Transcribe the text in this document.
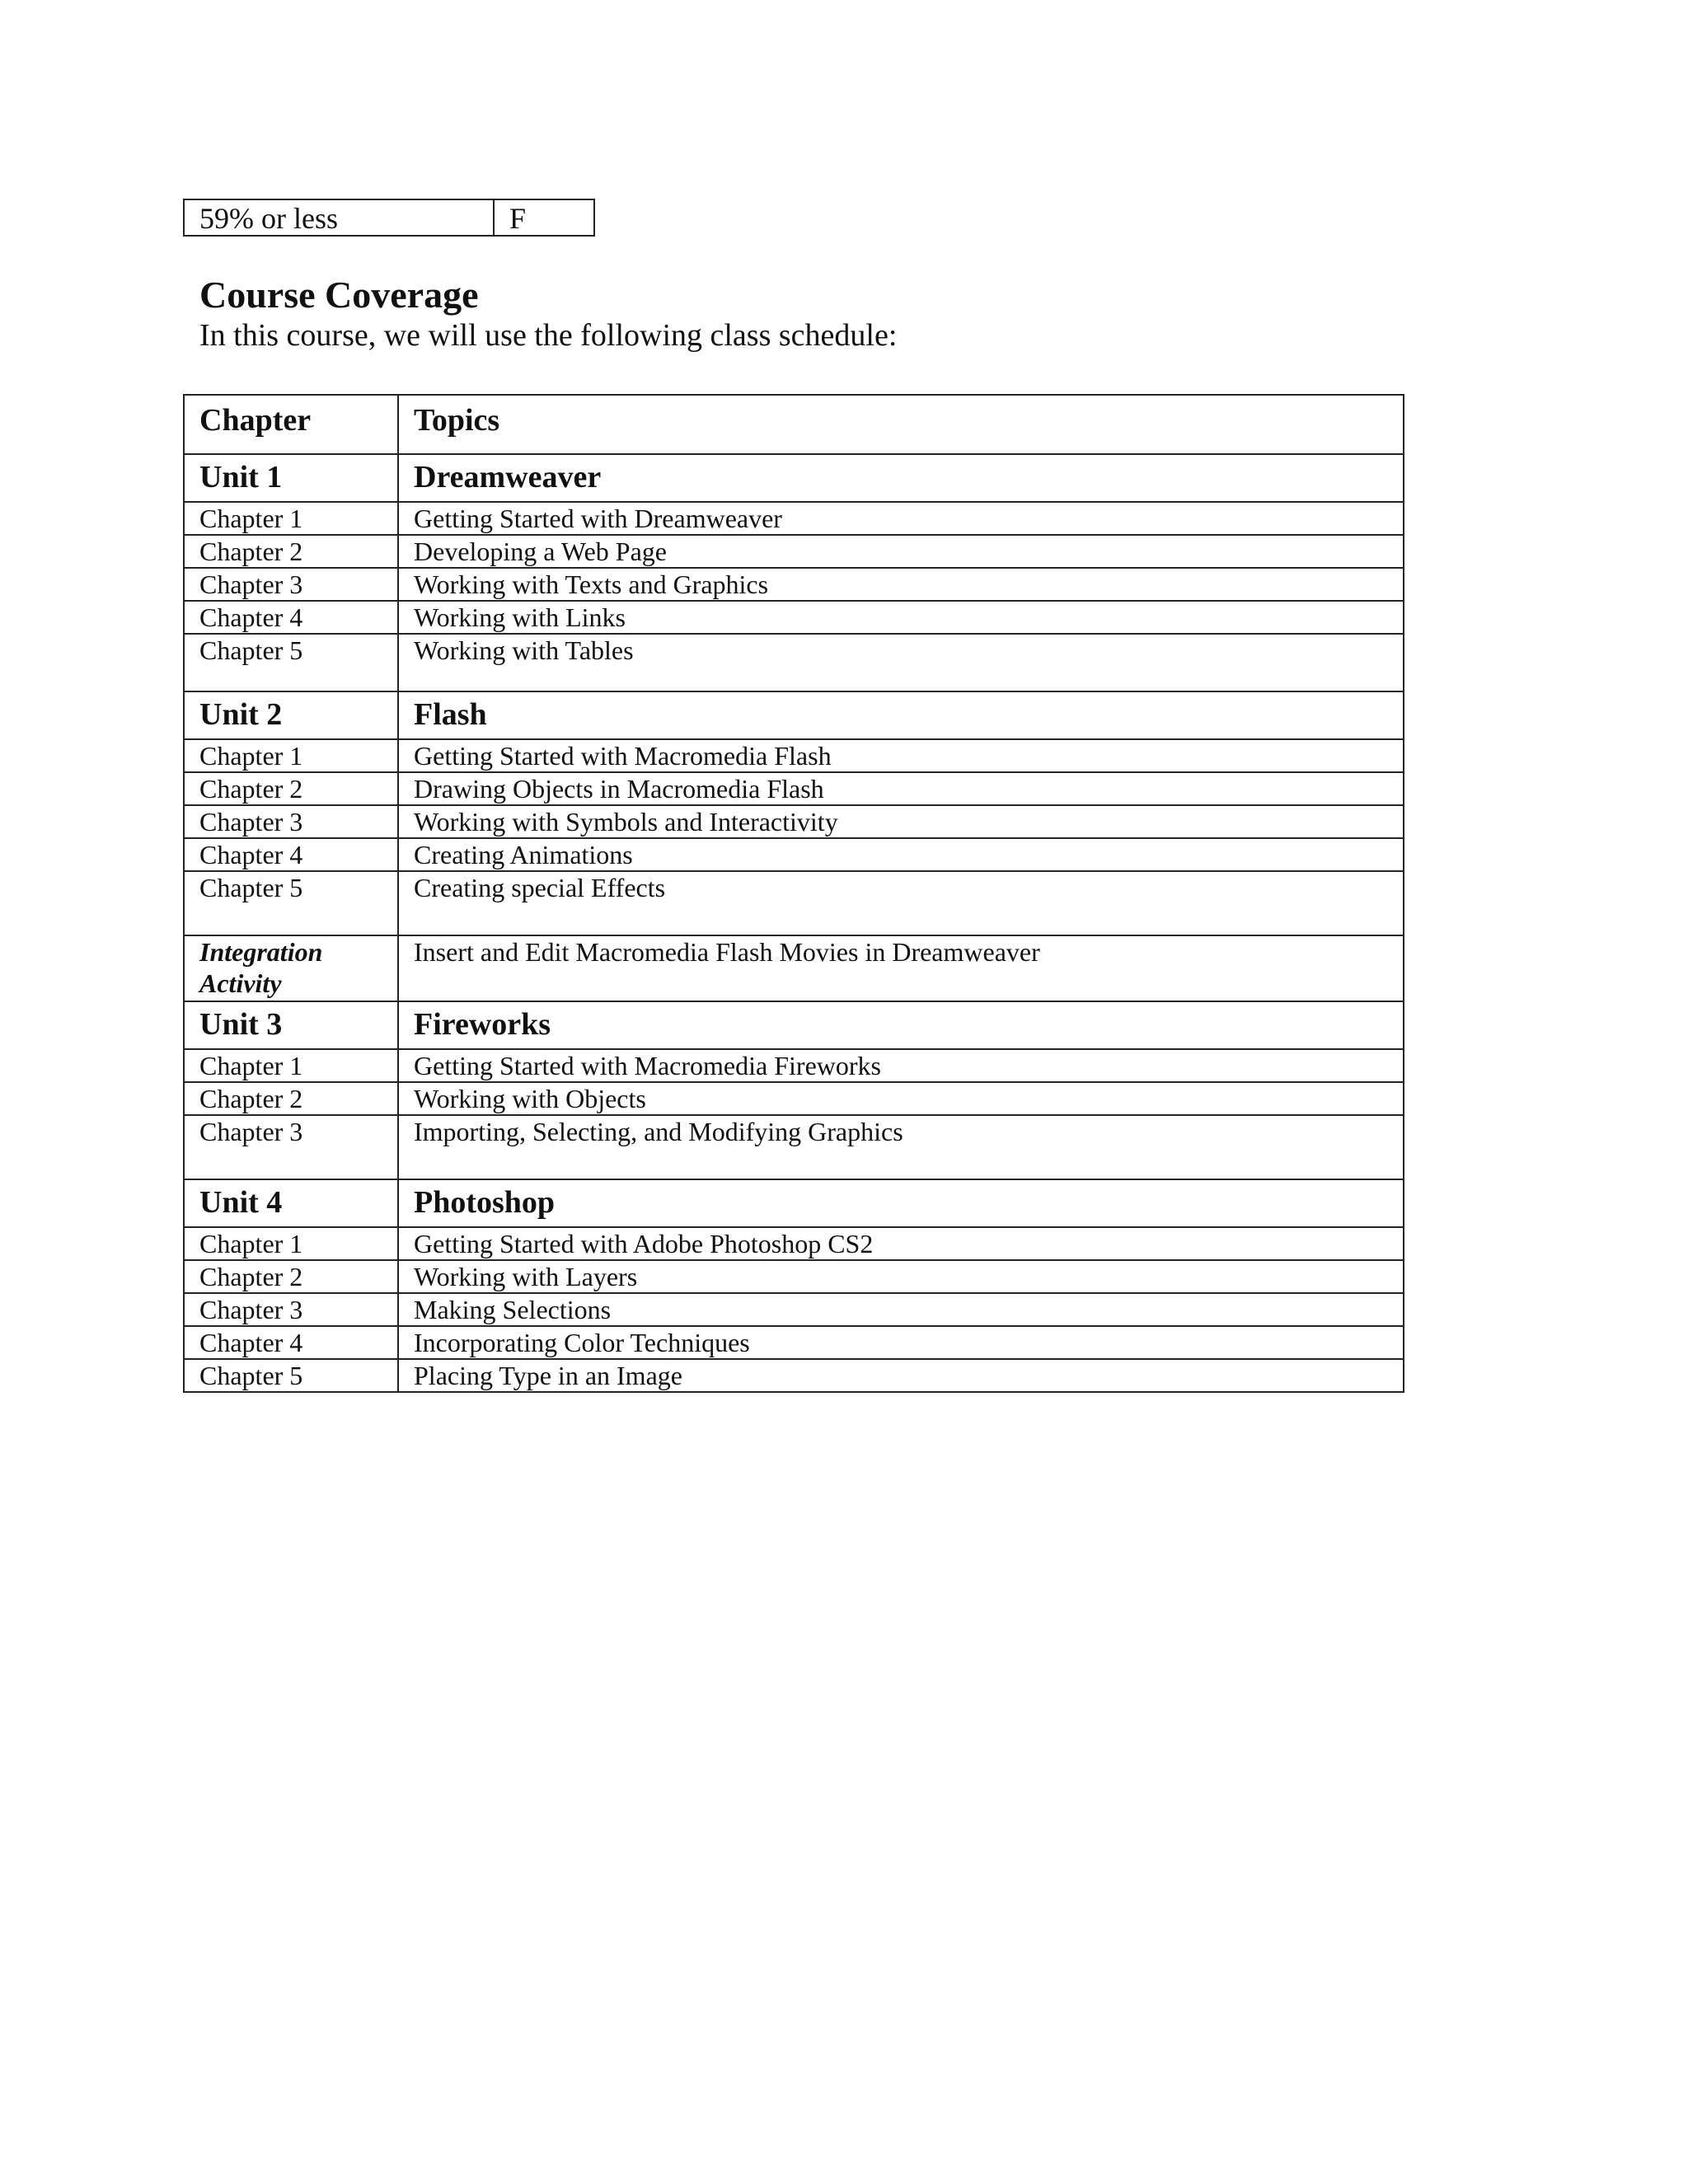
59% or less	F
Course Coverage

In this course, we will use the following class schedule:

Chapter	Topics
Unit 1	Dreamweaver
Chapter 1	Getting Started with Dreamweaver
Chapter 2	Developing a Web Page
Chapter 3	Working with Texts and Graphics
Chapter 4	Working with Links
Chapter 5	Working with Tables
Unit 2	Flash
Chapter 1	Getting Started with Macromedia Flash
Chapter 2	Drawing Objects in Macromedia Flash
Chapter 3	Working with Symbols and Interactivity
Chapter 4	Creating Animations
Chapter 5	Creating special Effects
Integration
Activity	Insert and Edit Macromedia Flash Movies in Dreamweaver
Unit 3	Fireworks
Chapter 1	Getting Started with Macromedia Fireworks
Chapter 2	Working with Objects
Chapter 3	Importing, Selecting, and Modifying Graphics
Unit 4	Photoshop
Chapter 1	Getting Started with Adobe Photoshop CS2
Chapter 2	Working with Layers
Chapter 3	Making Selections
Chapter 4	Incorporating Color Techniques
Chapter 5	Placing Type in an Image
